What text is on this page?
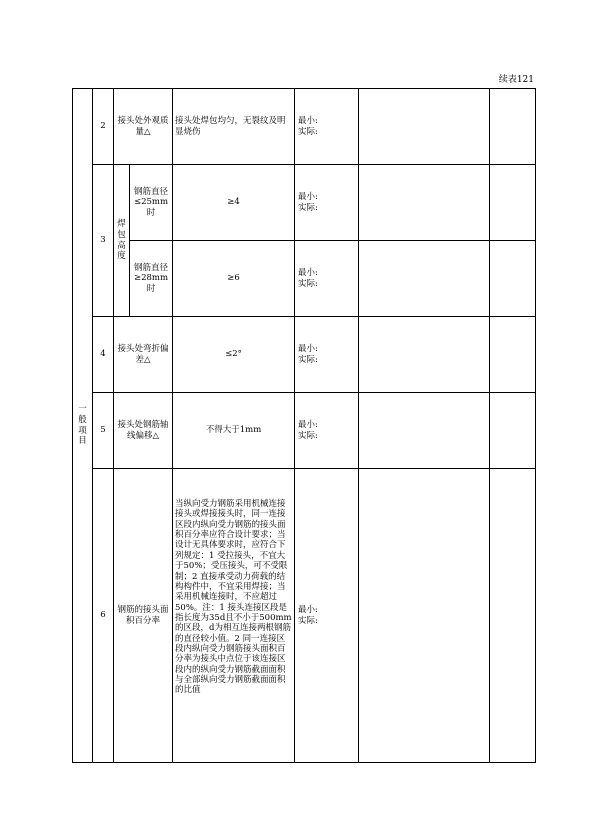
续表121
一般项目	2	接头处外观质量△		接头处焊包均匀，无裂纹及明显烧伤	最小:
实际:		

	3	焊包高度	钢筋直径≤25mm时	≥4	最小:
实际:		

			钢筋直径≥28mm时	≥6	最小:
实际:		

	4	接头处弯折偏差△		≤2°	最小:
实际:		

	5	接头处钢筋轴线偏移△		不得大于1mm	最小:
实际:		

	6	钢筋的接头面积百分率		当纵向受力钢筋采用机械连接接头或焊接接头时，同一连接区段内纵向受力钢筋的接头面积百分率应符合设计要求；当设计无具体要求时，应符合下列规定：1 受拉接头，不宜大于50%；受压接头，可不受限制；2 直接承受动力荷载的结构构件中，不宜采用焊接；当采用机械连接时，不应超过50%。注：1 接头连接区段是指长度为35d且不小于500mm的区段，d为相互连接两根钢筋的直径较小值。2 同一连接区段内纵向受力钢筋接头面积百分率为接头中点位于该连接区段内的纵向受力钢筋截面面积与全部纵向受力钢筋截面面积的比值	最小:
实际:		
